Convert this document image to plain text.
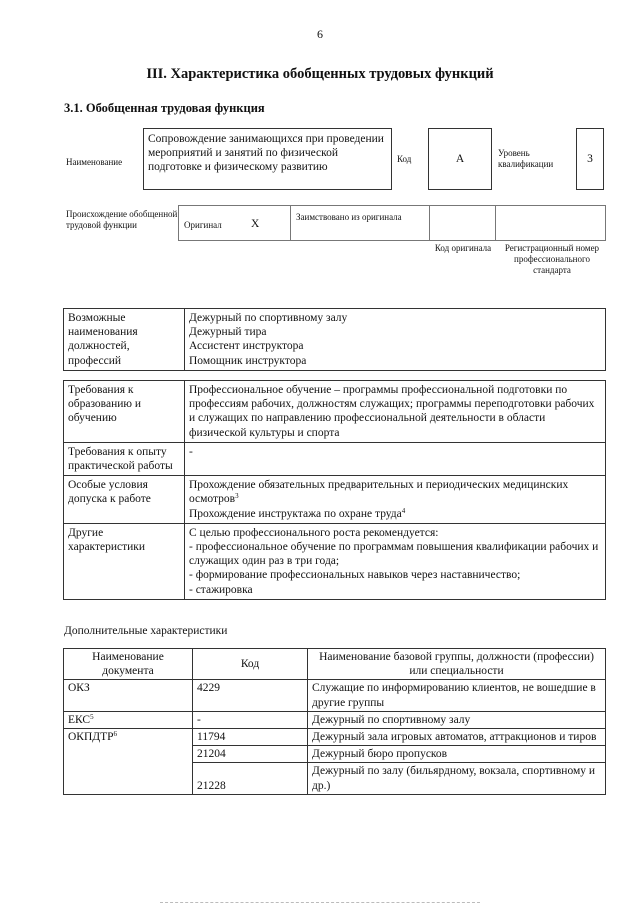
6
III. Характеристика обобщенных трудовых функций
3.1. Обобщенная трудовая функция
Наименование
Сопровождение занимающихся при проведении мероприятий и занятий по физической подготовке и физическому развитию
Код	А	Уровень квалификации	3
Происхождение обобщенной трудовой функции	Оригинал	Х
Заимствовано из оригинала
Код оригинала	Регистрационный номер профессионального стандарта
Возможные наименования должностей, профессий	
Дежурный по спортивному залу
Дежурный тира
Ассистент инструктора
Помощник инструктора
Требования к образованию и обучению	Профессиональное обучение – программы профессиональной подготовки по профессиям рабочих, должностям служащих; программы переподготовки рабочих и служащих по направлению профессиональной деятельности в области физической культуры и спорта
Требования к опыту практической работы	-
Особые условия допуска к работе	Прохождение обязательных предварительных и периодических медицинских осмотров$^3$
Прохождение инструктажа по охране труда$^4$

Другие характеристики	С целью профессионального роста рекомендуется:
- профессиональное обучение по программам повышения квалификации рабочих и служащих один раз в три года;
- формирование профессиональных навыков через наставничество;
- стажировка
Дополнительные характеристики
Наименование документа	Код	Наименование базовой группы, должности (профессии) или специальности
ОКЗ	4229	Служащие по информированию клиентов, не вошедшие в другие группы
ЕКС$^5$	-	Дежурный по спортивному залу
ОКПДТР$^6$	11794	Дежурный зала игровых автоматов, аттракционов и тиров
	21204	Дежурный бюро пропусков
	21228	Дежурный по залу (бильярдному, вокзала, спортивному и др.)
